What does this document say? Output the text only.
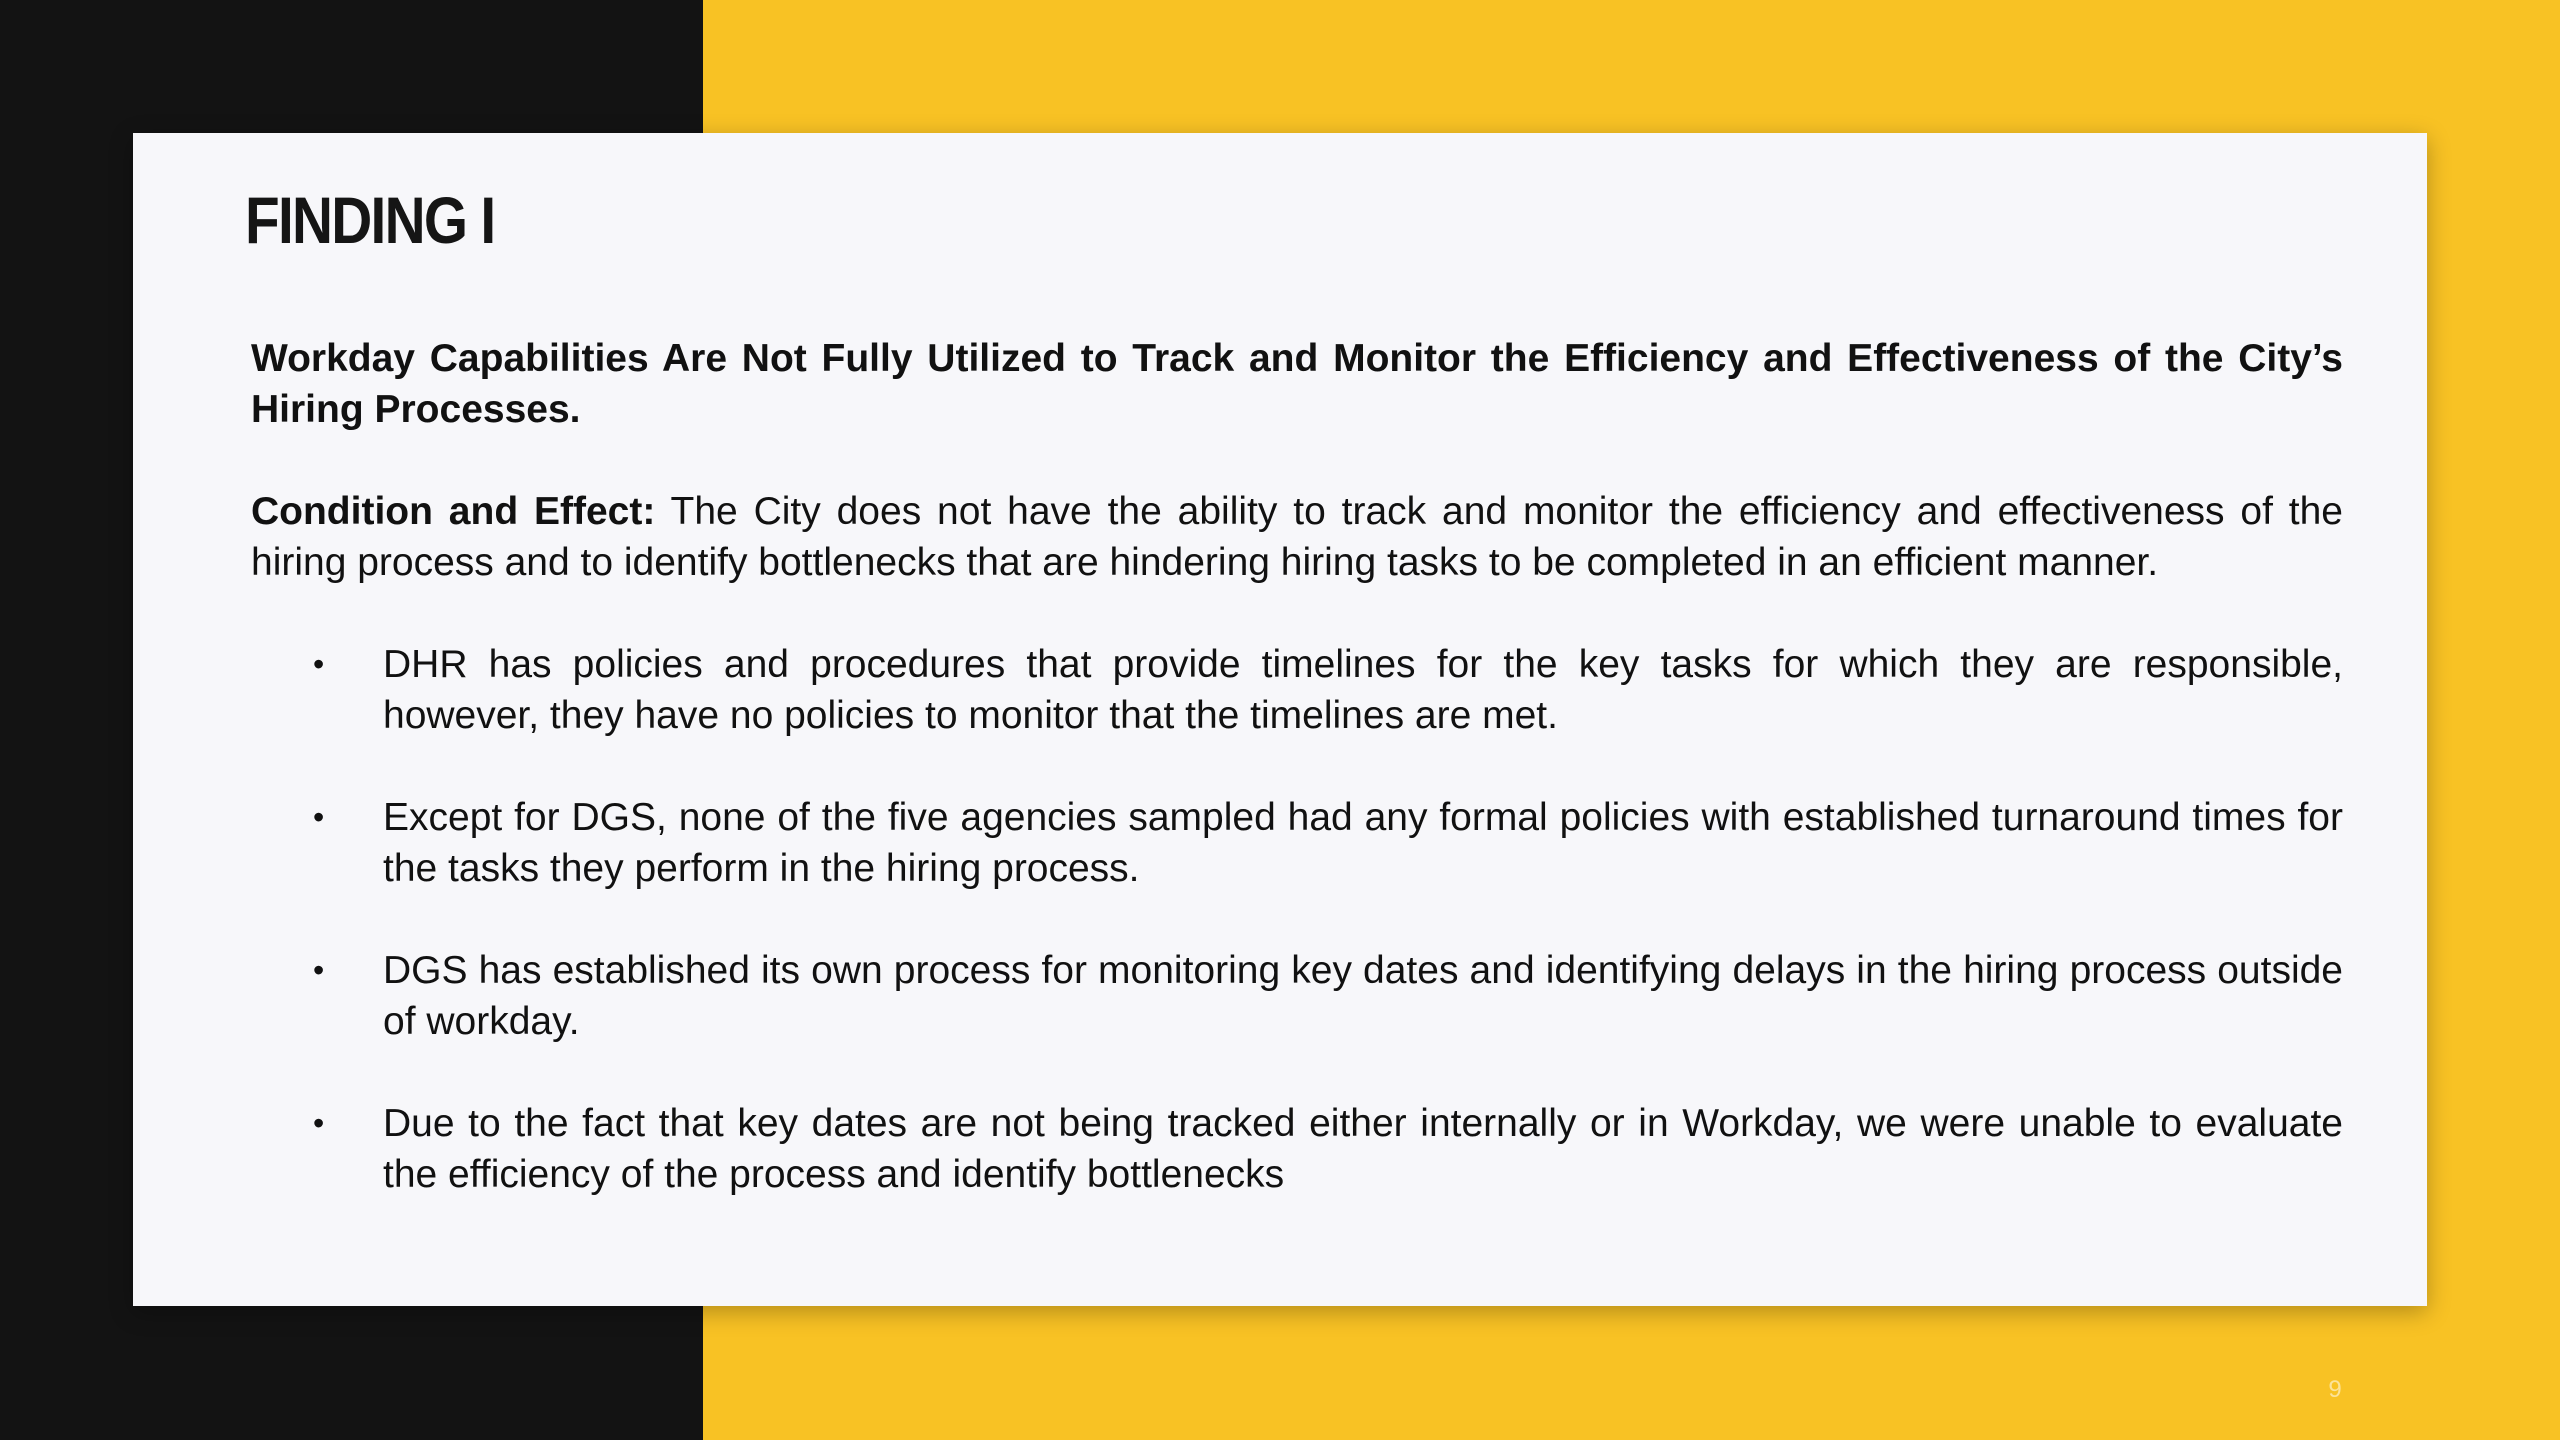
FINDING I

Workday Capabilities Are Not Fully Utilized to Track and Monitor the Efficiency and Effectiveness of the City’s Hiring Processes.

Condition and Effect: The City does not have the ability to track and monitor the efficiency and effectiveness of the hiring process and to identify bottlenecks that are hindering hiring tasks to be completed in an efficient manner.

• DHR has policies and procedures that provide timelines for the key tasks for which they are responsible, however, they have no policies to monitor that the timelines are met.
• Except for DGS, none of the five agencies sampled had any formal policies with established turnaround times for the tasks they perform in the hiring process.
• DGS has established its own process for monitoring key dates and identifying delays in the hiring process outside of workday.
• Due to the fact that key dates are not being tracked either internally or in Workday, we were unable to evaluate the efficiency of the process and identify bottlenecks
9
